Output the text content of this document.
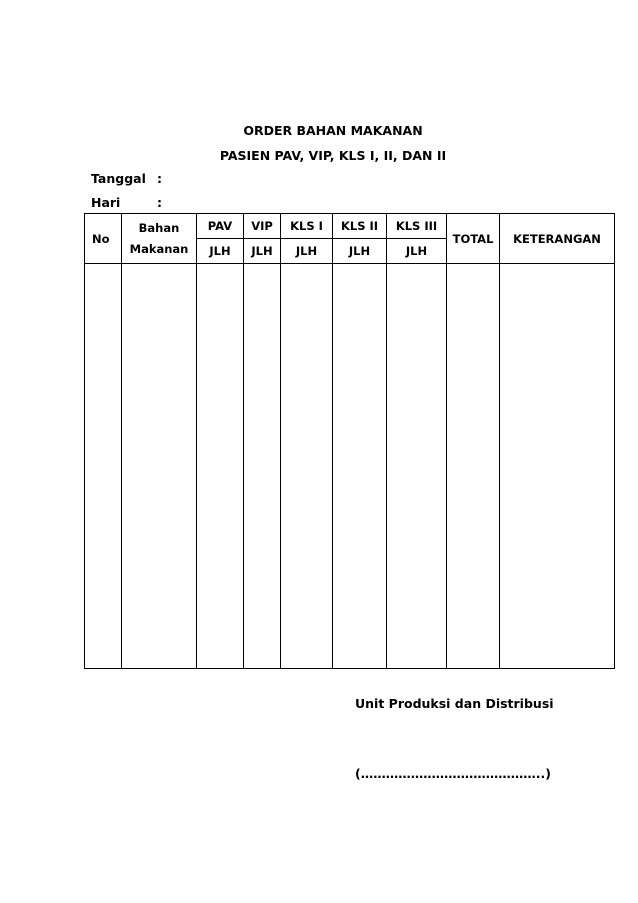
ORDER BAHAN MAKANAN
PASIEN PAV, VIP, KLS I, II, DAN II
Tanggal :
Hari	:
No	Bahan	PAV	VIP	KLS I	KLS II	KLS III	TOTAL	KETERANGAN
	Makanan	JLH	JLH	JLH	JLH	JLH		

Unit Produksi dan Distribusi
(……………………………………..)
